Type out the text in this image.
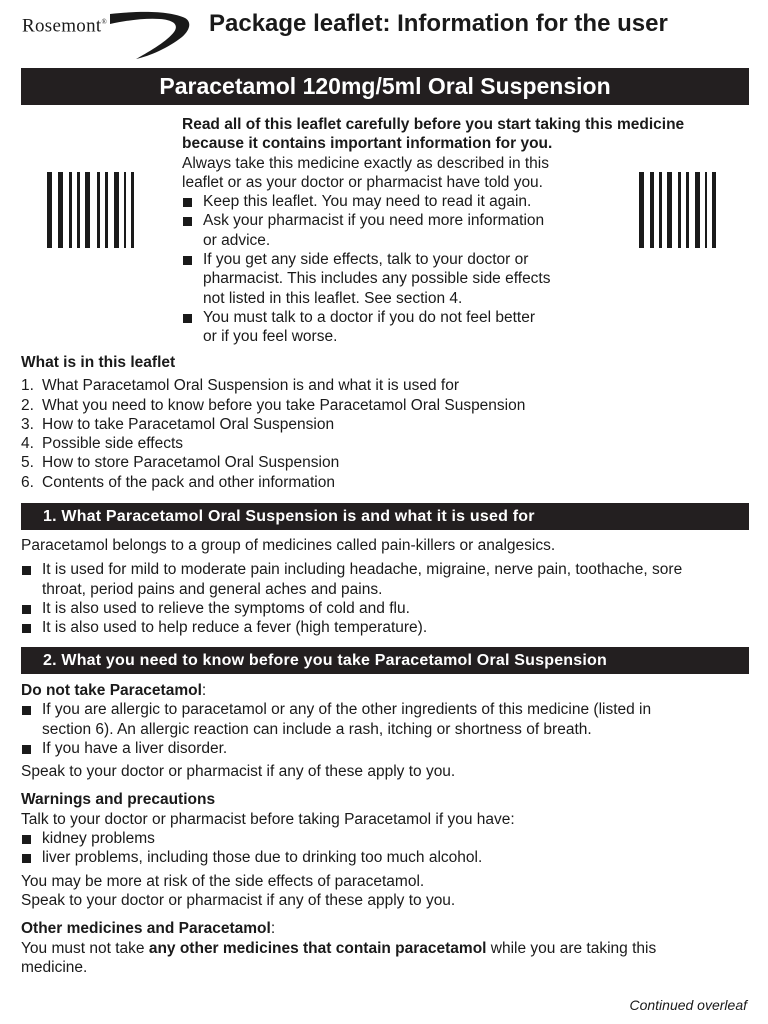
Rosemont®	Package leaflet: Information for the user
Paracetamol 120mg/5ml Oral Suspension

Read all of this leaflet carefully before you start taking this medicine

because it contains important information for you.

Always take this medicine exactly as described in this

leaflet or as your doctor or pharmacist have told you.

Keep this leaflet. You may need to read it again.
Ask your pharmacist if you need more information
or advice.
If you get any side effects, talk to your doctor or
pharmacist. This includes any possible side effects
not listed in this leaflet. See section 4.
You must talk to a doctor if you do not feel better
or if you feel worse.

What is in this leaflet

1. What Paracetamol Oral Suspension is and what it is used for
2. What you need to know before you take Paracetamol Oral Suspension
3. How to take Paracetamol Oral Suspension
4. Possible side effects
5. How to store Paracetamol Oral Suspension
6. Contents of the pack and other information
1. What Paracetamol Oral Suspension is and what it is used for

Paracetamol belongs to a group of medicines called pain-killers or analgesics.

It is used for mild to moderate pain including headache, migraine, nerve pain, toothache, sore
throat, period pains and general aches and pains.
It is also used to relieve the symptoms of cold and flu.
It is also used to help reduce a fever (high temperature).
2. What you need to know before you take Paracetamol Oral Suspension

Do not take Paracetamol:

If you are allergic to paracetamol or any of the other ingredients of this medicine (listed in
section 6). An allergic reaction can include a rash, itching or shortness of breath.
If you have a liver disorder.

Speak to your doctor or pharmacist if any of these apply to you.

Warnings and precautions

Talk to your doctor or pharmacist before taking Paracetamol if you have:

kidney problems
liver problems, including those due to drinking too much alcohol.

You may be more at risk of the side effects of paracetamol.

Speak to your doctor or pharmacist if any of these apply to you.

Other medicines and Paracetamol:

You must not take any other medicines that contain paracetamol while you are taking this

medicine.

Continued overleaf
